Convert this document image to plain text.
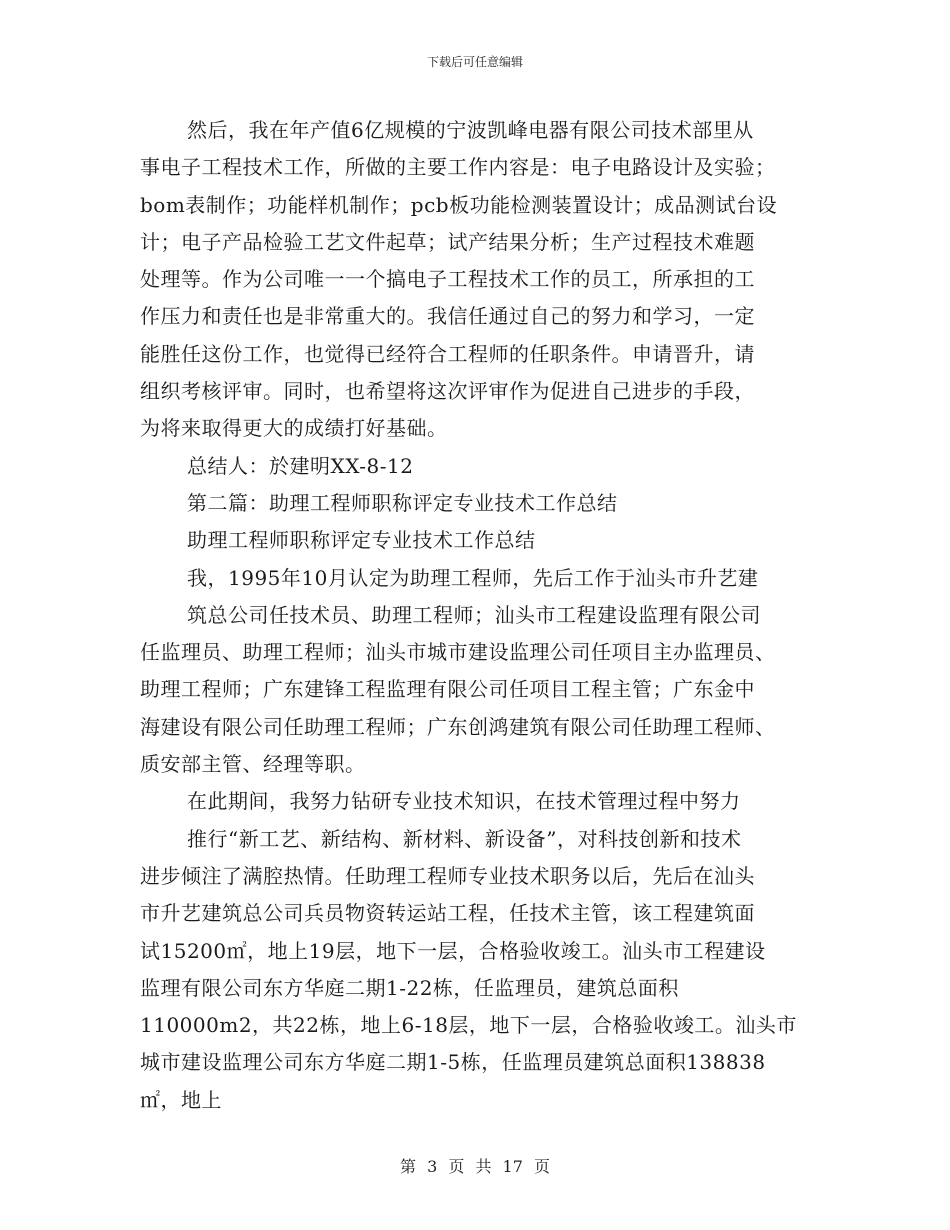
下载后可任意编辑
然后，我在年产值6亿规模的宁波凯峰电器有限公司技术部里从
事电子工程技术工作，所做的主要工作内容是：电子电路设计及实验；
bom表制作；功能样机制作；pcb板功能检测装置设计；成品测试台设
计；电子产品检验工艺文件起草；试产结果分析；生产过程技术难题
处理等。作为公司唯一一个搞电子工程技术工作的员工，所承担的工
作压力和责任也是非常重大的。我信任通过自己的努力和学习，一定
能胜任这份工作，也觉得已经符合工程师的任职条件。申请晋升，请
组织考核评审。同时，也希望将这次评审作为促进自己进步的手段，
为将来取得更大的成绩打好基础。
总结人：於建明XX-8-12
第二篇：助理工程师职称评定专业技术工作总结
助理工程师职称评定专业技术工作总结
我，1995年10月认定为助理工程师，先后工作于汕头市升艺建
筑总公司任技术员、助理工程师；汕头市工程建设监理有限公司
任监理员、助理工程师；汕头市城市建设监理公司任项目主办监理员、
助理工程师；广东建锋工程监理有限公司任项目工程主管；广东金中
海建设有限公司任助理工程师；广东创鸿建筑有限公司任助理工程师、
质安部主管、经理等职。
在此期间，我努力钻研专业技术知识，在技术管理过程中努力
推行“新工艺、新结构、新材料、新设备”，对科技创新和技术
进步倾注了满腔热情。任助理工程师专业技术职务以后，先后在汕头
市升艺建筑总公司兵员物资转运站工程，任技术主管，该工程建筑面
试15200㎡，地上19层，地下一层，合格验收竣工。汕头市工程建设
监理有限公司东方华庭二期1-22栋，任监理员，建筑总面积
110000m2，共22栋，地上6-18层，地下一层，合格验收竣工。汕头市
城市建设监理公司东方华庭二期1-5栋，任监理员建筑总面积138838
㎡，地上
第 3 页 共 17 页
